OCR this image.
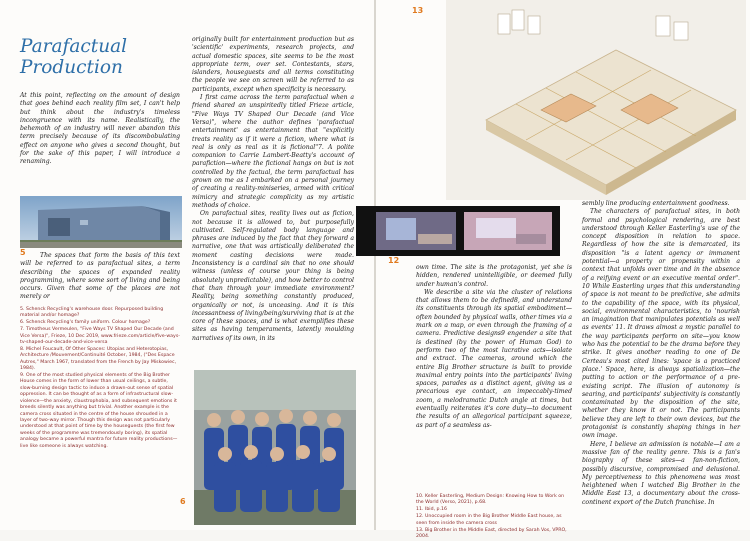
Parafactual
Production
At this point, reflecting on the amount of design that goes behind each reality film set, I can't help but think about the industry's timeless incongruence with its name. Realistically, the behemoth of an industry will never abandon this term precisely because of its discombobulating effect on anyone who gives a second thought, but for the sake of this paper, I will introduce a renaming.
5	The spaces that form the basis of this text will be referred to as parafactual sites, a term describing the spaces of expanded reality programming, where some sort of living and being occurs. Given that some of the places are not merely or

5. Schenck Recycling's warehouse door. Repurposed building material and/or homage?

6. Schenck Recycling's family uniform. Colour homage?

7. Timotheus Vermeulen, "Five Ways TV Shaped Our Decade (and Vice Versa)", Frieze, 10 Dec 2019, www.frieze.com/article/five-ways-tv-shaped-our-decade-and-vice-versa

8. Michel Foucault, Of Other Spaces: Utopias and Heterotopias, Architecture /Mouvement/Continuité October, 1984, ("Des Espace Autres," March 1967, translated from the French by Jay Miskowiec, 1984).

9. One of the most studied physical elements of the Big Brother House comes in the form of lower than usual ceilings, a subtle, slow-burning design tactic to induce a drawn-out sense of spatial oppression. It can be thought of as a form of infrastructural slow-violence—the anxiety, claustrophobia, and subsequent emotions it breeds silently was anything but trivial. Another example is the camera cross situated in the centre of the house shrouded in a layer of two-way mirror. Though this design was not particularly understood at that point of time by the houseguests (the first few weeks of the programme was tremendously boring), its spatial analogy became a powerful mantra for future reality productions—live like someone is always watching.

originally built for entertainment production but as 'scientific' experiments, research projects, and actual domestic spaces, site seems to be the most appropriate term, over set. Contestants, stars, islanders, houseguests and all terms constituting the people we see on screen will be referred to as participants, except when specificity is necessary.

I first came across the term parafactual when a friend shared an unspiritedly titled Frieze article, "Five Ways TV Shaped Our Decade (and Vice Versa)", where the author defines 'parafactual entertainment' as entertainment that "explicitly treats reality as if it were a fiction, where what is real is only as real as it is fictional"7. A polite companion to Carrie Lambert-Beatty's account of parafiction—where the fictional hangs on but is not controlled by the factual, the term parafactual has grown on me as I embarked on a personal journey of creating a reality-miniseries, armed with critical mimicry and strategic complicity as my artistic methods of choice.

On parafactual sites, reality lives out as fiction, not because it is allowed to, but purposefully cultivated. Self-regulated body language and phrases are induced by the fact that they forward a narrative, one that was artistically deliberated the moment casting decisions were made. Inconsistency is a cardinal sin that no one should witness (unless of course your thing is being absolutely unpredictable), and how better to control that than through your immediate environment? Reality, being something constantly produced, organically or not, is unceasing. And it is this incessantness of living/being/surviving that is at the core of these spaces, and is what exemplifies these sites as having temperaments, latently moulding narratives of its own, in its

6
12

own time. The site is the protagonist, yet she is hidden, rendered unintelligible, or deemed fully under human's control.

We describe a site via the cluster of relations that allows them to be defined8, and understand its constituents through its spatial embodiment—often bounded by physical walls, other times via a mark on a map, or even through the framing of a camera. Predictive designs9 engender a site that is destined (by the power of Human God) to perform two of the most lucrative acts—isolate and extract. The cameras, around which the entire Big Brother structure is built to provide maximal entry points into the participants' living spaces, parades as a distinct agent, giving us a precarious eye contact, an impeccably-timed zoom, a melodramatic Dutch angle at times, but eventually reiterates it's core duty—to document the results of an allegorical participant squeeze, as part of a seamless as-

10. Keller Easterling, Medium Design: Knowing How to Work on the World (Verso, 2021), p.68.

11. Ibid, p.16

12. Unoccupied room in the Big Brother Middle East house, as seen from inside the camera cross

13. Big Brother in the Middle East, directed by Sarah Vos, VPRO, 2004.

13

sembly line producing entertainment goodness.

The characters of parafactual sites, in both formal and psychological rendering, are best understood through Keller Easterling's use of the concept disposition in relation to space. Regardless of how the site is demarcated, its disposition "is a latent agency or immanent potential—a property or propensity within a context that unfolds over time and in the absence of a reifying event or an executive mental order". 10 While Easterling urges that this understanding of space is not meant to be predictive, she admits to the capability of the space, with its physical, social, environmental characteristics, to 'nourish an imagination that manipulates potentials as well as events' 11. It draws almost a mystic parallel to the way participants perform on site—you know who has the potential to be the drama before they strike. It gives another reading to one of De Certeau's most cited lines: 'space is a practiced place.' Space, here, is always spatialization—the putting to action or the performance of a pre-existing script. The illusion of autonomy is searing, and participants' subjectivity is constantly contaminated by the disposition of the site, whether they know it or not. The participants believe they are left to their own devices, but the protagonist is constantly shaping things in her own image.

Here, I believe an admission is notable—I am a massive fan of the reality genre. This is a fan's biography of these sites—a fan-non-fiction, possibly discursive, compromised and delusional. My perceptiveness to this phenomena was most heightened when I watched Big Brother in the Middle East 13, a documentary about the cross-continent export of the Dutch franchise. In
